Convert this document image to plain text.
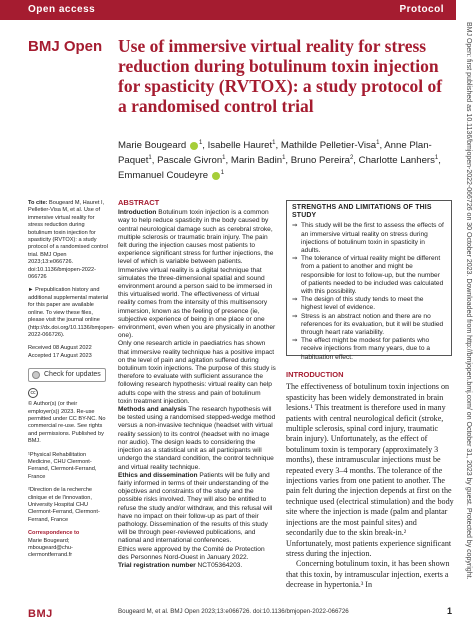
Open access	Protocol
BMJ Open: first published as 10.1136/bmjopen-2022-066726 on 30 October 2023. Downloaded from http://bmjopen.bmj.com/ on October 31, 2023 by guest. Protected by copyright.
BMJ Open Use of immersive virtual reality for stress reduction during botulinum toxin injection for spasticity (RVTOX): a study protocol of a randomised control trial
Marie Bougeard $^1$, Isabelle Hauret$^1$, Mathilde Pelletier-Visa$^1$, Anne Plan-Paquet$^1$, Pascale Givron$^1$, Marin Badin$^1$, Bruno Pereira$^2$, Charlotte Lanhers$^1$, Emmanuel Coudeyre $^1$

To cite: Bougeard M, Hauret I, Pelletier-Visa M, et al. Use of immersive virtual reality for stress reduction during botulinum toxin injection for spasticity (RVTOX): a study protocol of a randomised control trial. BMJ Open 2023;13:e066726. doi:10.1136/bmjopen-2022-066726

► Prepublication history and additional supplemental material for this paper are available online. To view these files, please visit the journal online (http://dx.doi.org/10.1136/bmjopen-2022-066726).

Received 08 August 2022

Accepted 17 August 2023

Check for updates
cc

© Author(s) (or their employer(s)) 2023. Re-use permitted under CC BY-NC. No commercial re-use. See rights and permissions. Published by BMJ.

¹Physical Rehabilitation Medicine, CHU Clermont-Ferrand, Clermont-Ferrand, France

²Direction de la recherche clinique et de l'innovation, University Hospital CHU Clermont-Ferrand, Clermont-Ferrand, France

Correspondence to

Marie Bougeard;

mbougeard@chu-clermontferrand.fr

ABSTRACT

Introduction Botulinum toxin injection is a common way to help reduce spasticity in the body caused by central neurological damage such as cerebral stroke, multiple sclerosis or traumatic brain injury. The pain felt during the injection causes most patients to experience significant stress for further injections, the level of which is variable between patients.

Immersive virtual reality is a digital technique that simulates the three-dimensional spatial and sound environment around a person said to be immersed in this virtualised world. The effectiveness of virtual reality comes from the intensity of this multisensory immersion, known as the feeling of presence (ie, subjective experience of being in one place or one environment, even when you are physically in another one).

Only one research article in paediatrics has shown that immersive reality technique has a positive impact on the level of pain and agitation suffered during botulinum toxin injections. The purpose of this study is therefore to evaluate with sufficient assurance the following research hypothesis: virtual reality can help adults cope with the stress and pain of botulinum toxin treatment injection.

Methods and analysis The research hypothesis will be tested using a randomised stepped-wedge method versus a non-invasive technique (headset with virtual reality session) to its control (headset with no image nor audio). The design leads to considering the injection as a statistical unit as all participants will undergo the standard condition, the control technique and virtual reality technique.

Ethics and dissemination Patients will be fully and fairly informed in terms of their understanding of the objectives and constraints of the study and the possible risks involved. They will also be entitled to refuse the study and/or withdraw, and this refusal will have no impact on their follow-up as part of their pathology. Dissemination of the results of this study will be through peer-reviewed publications, and national and international conferences.

Ethics were approved by the Comité de Protection des Personnes Nord-Ouest in January 2022.

Trial registration number NCT05364203.

STRENGTHS AND LIMITATIONS OF THIS STUDY
⇒ This study will be the first to assess the effects of an immersive virtual reality on stress during injections of botulinum toxin in spasticity in adults.
⇒ The tolerance of virtual reality might be different from a patient to another and might be responsible for lost to follow-up, but the number of patients needed to be included was calculated with this possibility.
⇒ The design of this study tends to meet the highest level of evidence.
⇒ Stress is an abstract notion and there are no references for its evaluation, but it will be studied through heart rate variability.
⇒ The effect might be modest for patients who receive injections from many years, due to a habituation effect.
INTRODUCTION

The effectiveness of botulinum toxin injections on spasticity has been widely demonstrated in brain lesions.¹ This treatment is therefore used in many patients with central neurological deficit (stroke, multiple sclerosis, spinal cord injury, traumatic brain injury). Unfortunately, as the effect of botulinum toxin is temporary (approximately 3 months), these intramuscular injections must be repeated every 3–4 months. The tolerance of the injections varies from one patient to another. The pain felt during the injection depends at first on the technique used (electrical stimulation) and the body site where the injection is made (palm and plantar injections are the most painful sites) and secondarily due to the skin break-in.² Unfortunately, most patients experience significant stress during the injection.

Concerning botulinum toxin, it has been shown that this toxin, by intramuscular injection, exerts a decrease in hypertonia.³ In

BMJ	Bougeard M, et al. BMJ Open 2023;13:e066726. doi:10.1136/bmjopen-2022-066726	1
